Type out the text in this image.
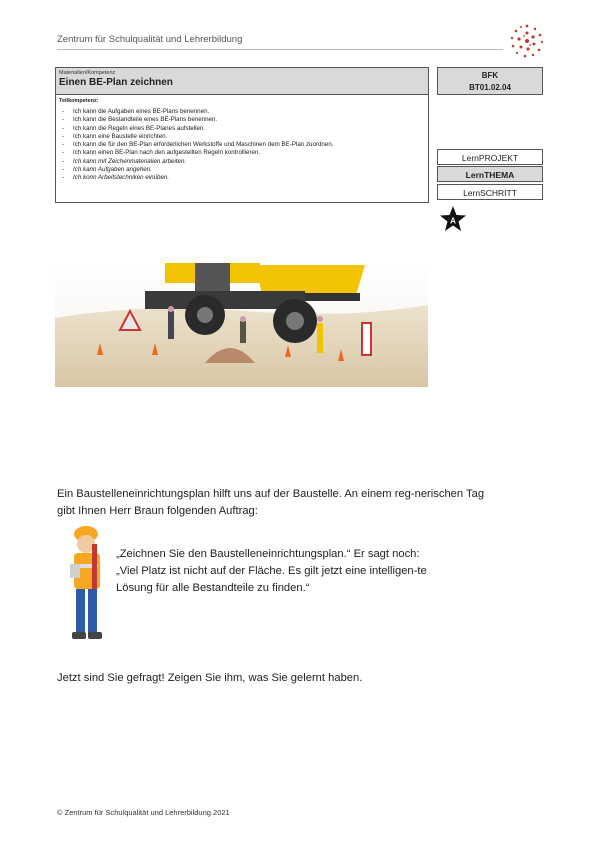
Zentrum für Schulqualität und Lehrerbildung
Materialien/Kompetenz
Einen BE-Plan zeichnen
Teilkompetenz:
- Ich kann die Aufgaben eines BE-Plans benennen.
- Ich kann die Bestandteile eines BE-Plans benennen.
- Ich kann die Regeln eines BE-Planes aufstellen.
- Ich kann eine Baustelle einrichten.
- Ich kann die für den BE-Plan erforderlichen Werkstoffe und Maschinen dem BE-Plan zuordnen.
- Ich kann einen BE-Plan nach den aufgestellten Regeln kontrollieren.
- Ich kann mit Zeichenmaterialien arbeiten.
- Ich kann Aufgaben angehen.
- Ich konn Arbeitstechniken einüben.
BFK
BT01.02.04
LernPROJEKT
LernTHEMA
LernSCHRITT
A
Ein Baustelleneinrichtungsplan hilft uns auf der Baustelle. An einem reg-nerischen Tag gibt Ihnen Herr Braun folgenden Auftrag:
„Zeichnen Sie den Baustelleneinrichtungsplan.“ Er sagt noch: „Viel Platz ist nicht auf der Fläche. Es gilt jetzt eine intelligen-te Lösung für alle Bestandteile zu finden.“
Jetzt sind Sie gefragt! Zeigen Sie ihm, was Sie gelernt haben.
© Zentrum für Schulqualität und Lehrerbildung 2021
